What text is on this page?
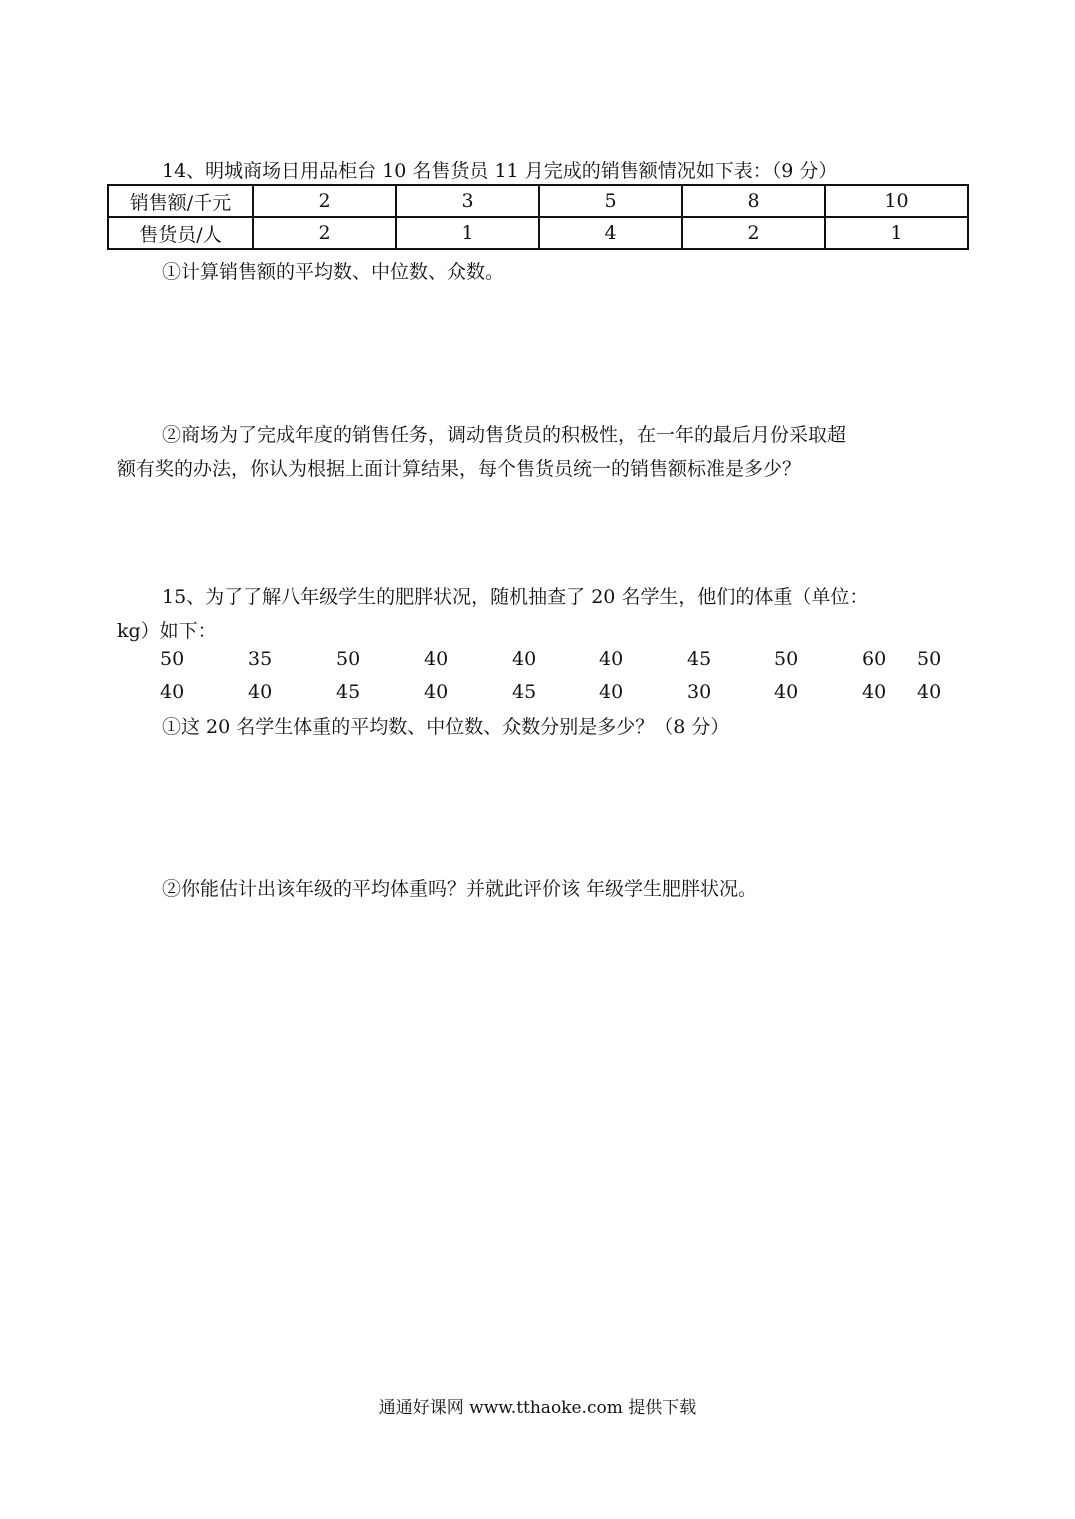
14、明城商场日用品柜台 10 名售货员 11 月完成的销售额情况如下表：（9 分）
销售额/千元	2	3	5	8	10
售货员/人	2	1	4	2	1
①计算销售额的平均数、中位数、众数。
②商场为了完成年度的销售任务，调动售货员的积极性，在一年的最后月份采取超
额有奖的办法，你认为根据上面计算结果，每个售货员统一的销售额标准是多少？
15、为了了解八年级学生的肥胖状况，随机抽查了 20 名学生，他们的体重（单位：
kg）如下：
50	35	50	40	40	40	45	50	60 50
40	40	45	40	45	40	30	40	40 40
①这 20 名学生体重的平均数、中位数、众数分别是多少？（8 分）
②你能估计出该年级的平均体重吗？并就此评价该 年级学生肥胖状况。
通通好课网 www.tthaoke.com 提供下载
